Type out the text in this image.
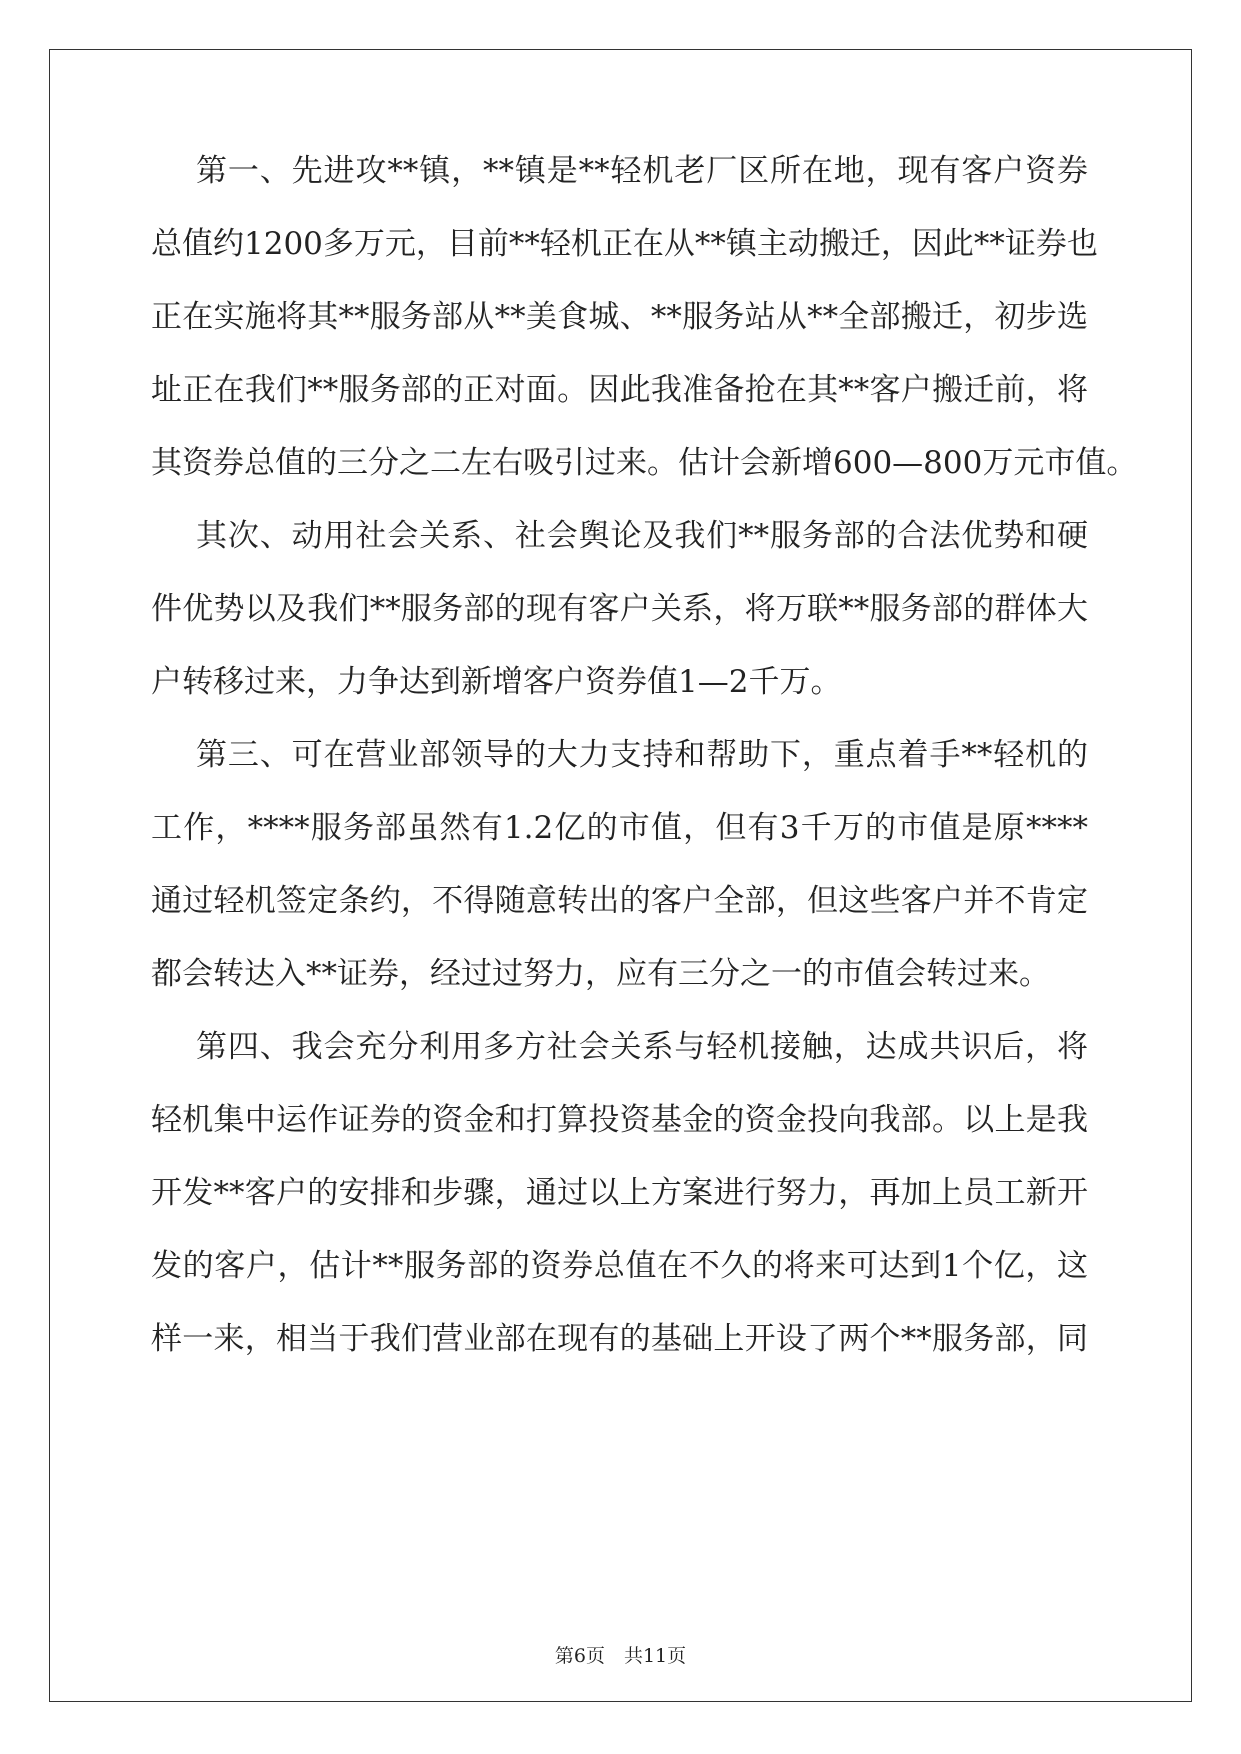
第一、先进攻**镇，**镇是**轻机老厂区所在地，现有客户资券
总值约1200多万元，目前**轻机正在从**镇主动搬迁，因此**证券也
正在实施将其**服务部从**美食城、**服务站从**全部搬迁，初步选
址正在我们**服务部的正对面。因此我准备抢在其**客户搬迁前，将
其资券总值的三分之二左右吸引过来。估计会新增600—800万元市值。
其次、动用社会关系、社会舆论及我们**服务部的合法优势和硬
件优势以及我们**服务部的现有客户关系，将万联**服务部的群体大
户转移过来，力争达到新增客户资券值1—2千万。
第三、可在营业部领导的大力支持和帮助下，重点着手**轻机的
工作，****服务部虽然有1.2亿的市值，但有3千万的市值是原****
通过轻机签定条约，不得随意转出的客户全部，但这些客户并不肯定
都会转达入**证券，经过过努力，应有三分之一的市值会转过来。
第四、我会充分利用多方社会关系与轻机接触，达成共识后，将
轻机集中运作证券的资金和打算投资基金的资金投向我部。以上是我
开发**客户的安排和步骤，通过以上方案进行努力，再加上员工新开
发的客户，估计**服务部的资券总值在不久的将来可达到1个亿，这
样一来，相当于我们营业部在现有的基础上开设了两个**服务部，同
第6页　共11页
